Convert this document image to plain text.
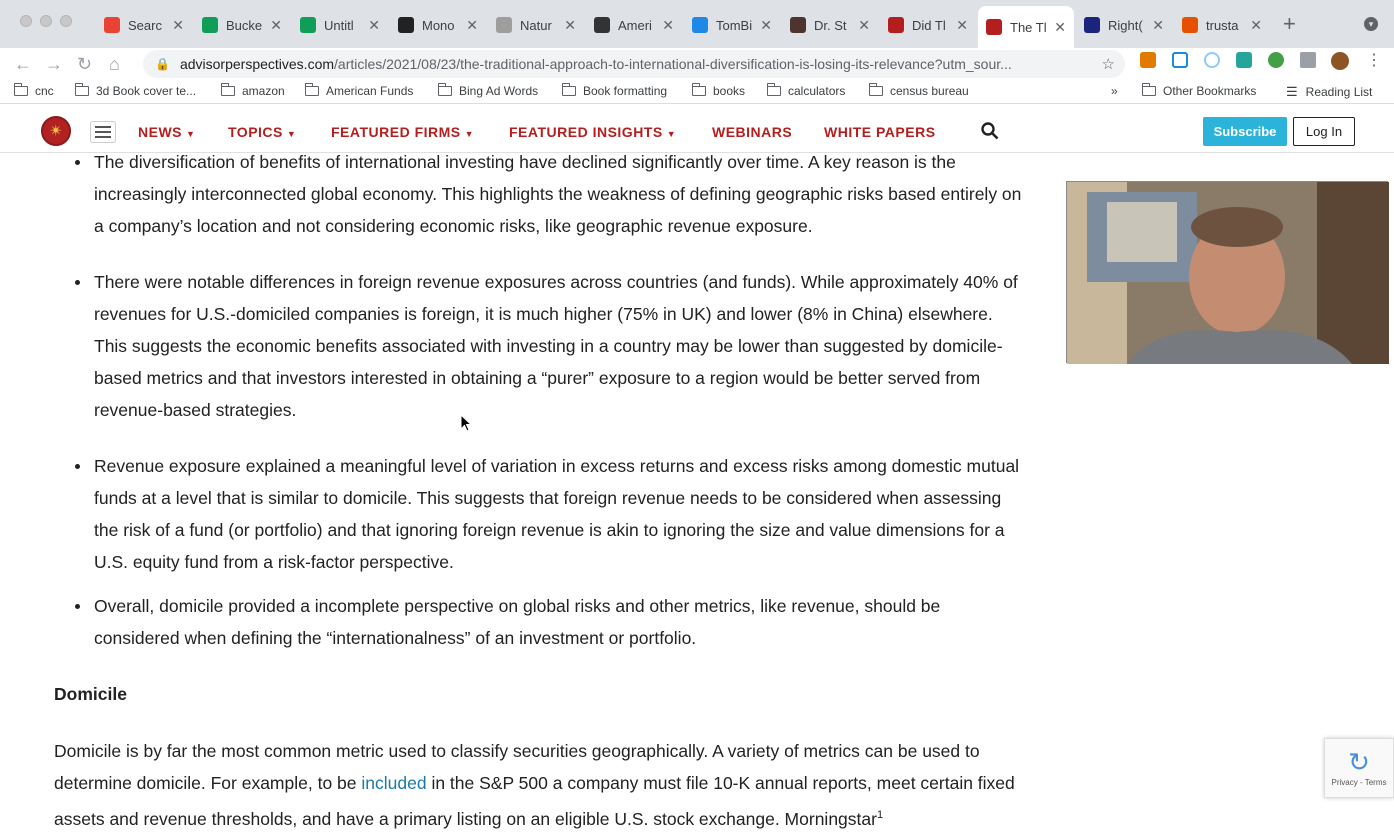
Searc ✕	Bucke ✕	Untitl	✕	Mono ✕	Natur ✕	Ameri ✕	TomBi ✕	Dr. St ✕	Did Tl ✕	The Tl ✕	Right( ✕	trusta ✕ +	▾
← → ↻ ⌂	🔒 advisorperspectives.com /articles/2021/08/23/the-traditional-approach-to-international-diversification-is-losing-its-relevance?utm_sour...	☆	⋮
cnc	3d Book cover te...	amazon	American Funds	Bing Ad Words	Book formatting	books	calculators	census bureau	»	Other Bookmarks ☰ Reading List
✴	NEWS ▼ TOPICS ▼ FEATURED FIRMS ▼ FEATURED INSIGHTS ▼	WEBINARS WHITE PAPERS	Subscribe	Log In
The diversification of benefits of international investing have declined significantly over time. A key reason is the increasingly interconnected global economy. This highlights the weakness of defining geographic risks based entirely on a company’s location and not considering economic risks, like geographic revenue exposure.
There were notable differences in foreign revenue exposures across countries (and funds). While approximately 40% of revenues for U.S.-domiciled companies is foreign, it is much higher (75% in UK) and lower (8% in China) elsewhere. This suggests the economic benefits associated with investing in a country may be lower than suggested by domicile-based metrics and that investors interested in obtaining a “purer” exposure to a region would be better served from revenue-based strategies.
Revenue exposure explained a meaningful level of variation in excess returns and excess risks among domestic mutual funds at a level that is similar to domicile. This suggests that foreign revenue needs to be considered when assessing the risk of a fund (or portfolio) and that ignoring foreign revenue is akin to ignoring the size and value dimensions for a U.S. equity fund from a risk-factor perspective.
Overall, domicile provided a incomplete perspective on global risks and other metrics, like revenue, should be considered when defining the “internationalness” of an investment or portfolio.
Domicile

Domicile is by far the most common metric used to classify securities geographically. A variety of metrics can be used to determine domicile. For example, to be included in the S&P 500 a company must file 10-K annual reports, meet certain fixed assets and revenue thresholds, and have a primary listing on an eligible U.S. stock exchange. Morningstar$^1$

↻
Privacy - Terms
